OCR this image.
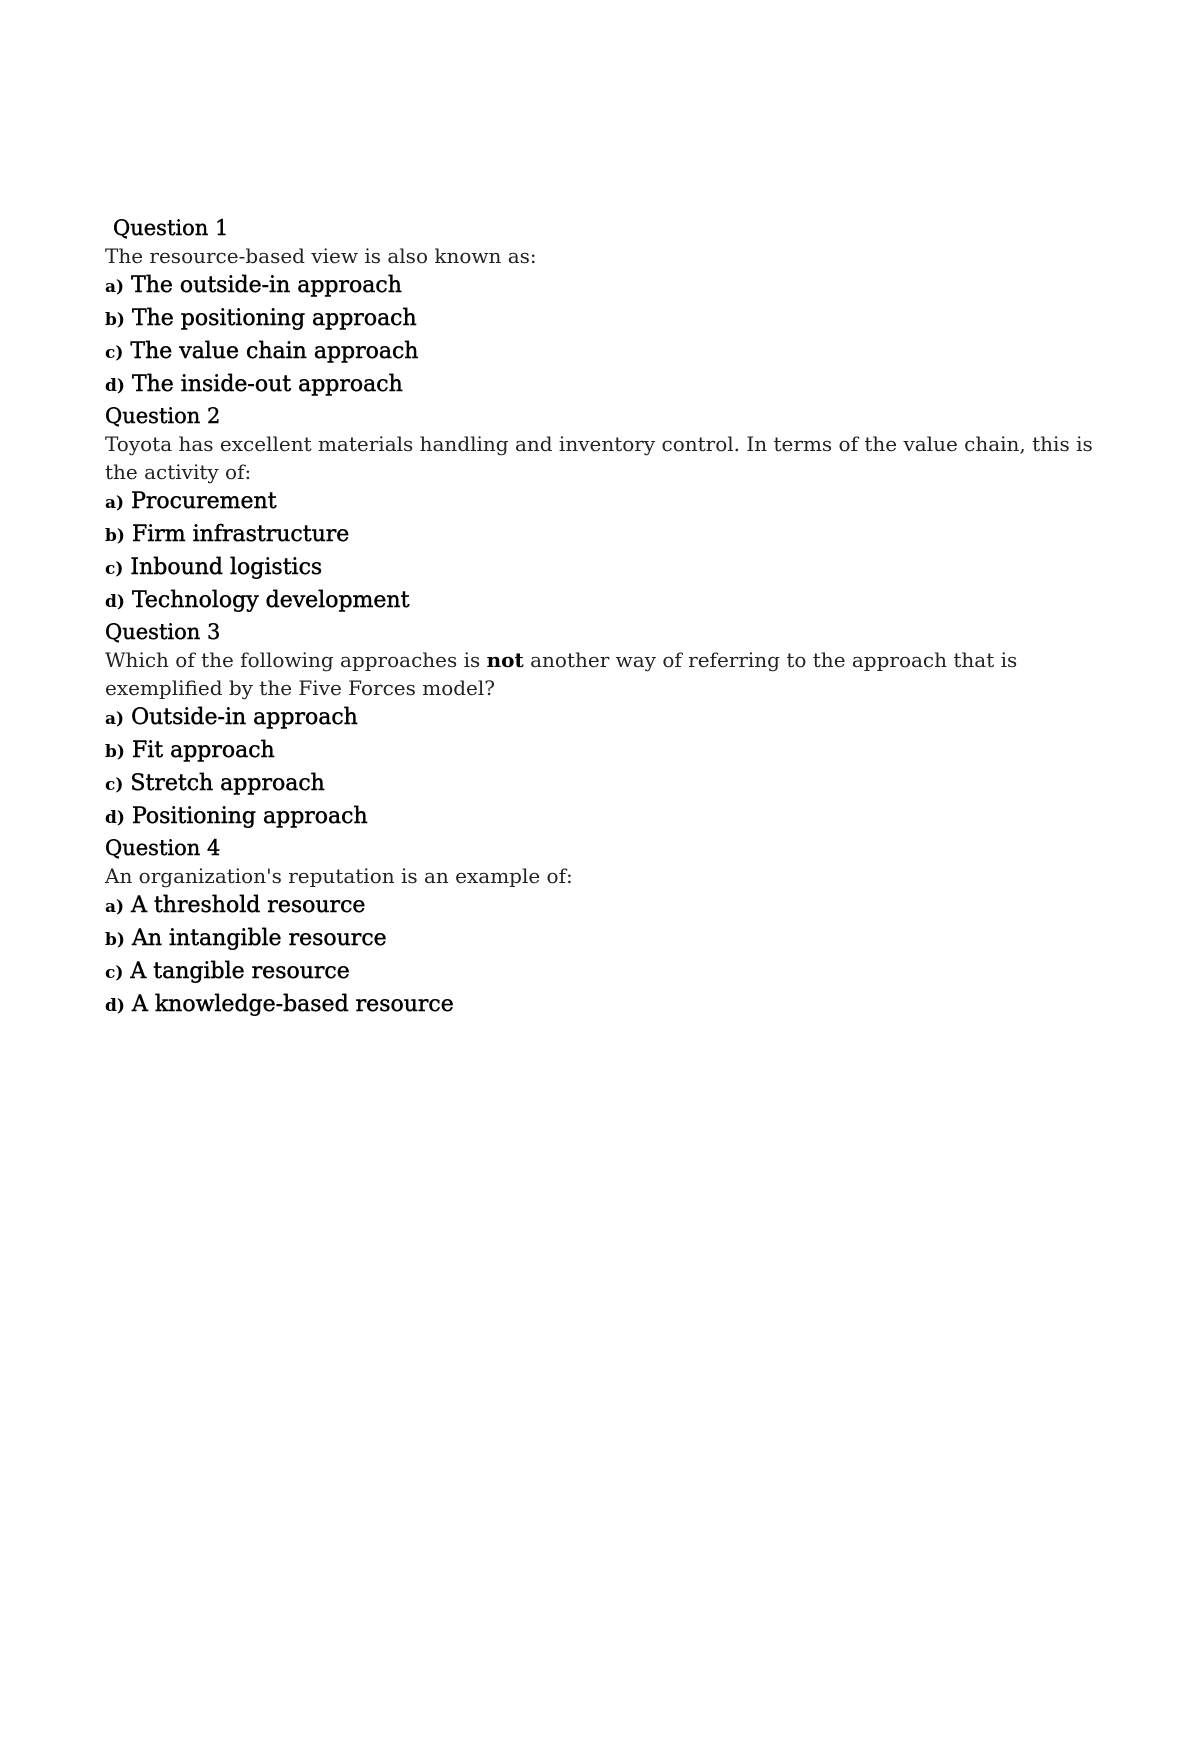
Question 1

The resource-based view is also known as:

a) The outside-in approach
b) The positioning approach
c) The value chain approach
d) The inside-out approach
Question 2

Toyota has excellent materials handling and inventory control. In terms of the value chain, this is the activity of:

a) Procurement
b) Firm infrastructure
c) Inbound logistics
d) Technology development
Question 3

Which of the following approaches is not another way of referring to the approach that is exemplified by the Five Forces model?

a) Outside-in approach
b) Fit approach
c) Stretch approach
d) Positioning approach
Question 4

An organization's reputation is an example of:

a) A threshold resource
b) An intangible resource
c) A tangible resource
d) A knowledge-based resource
